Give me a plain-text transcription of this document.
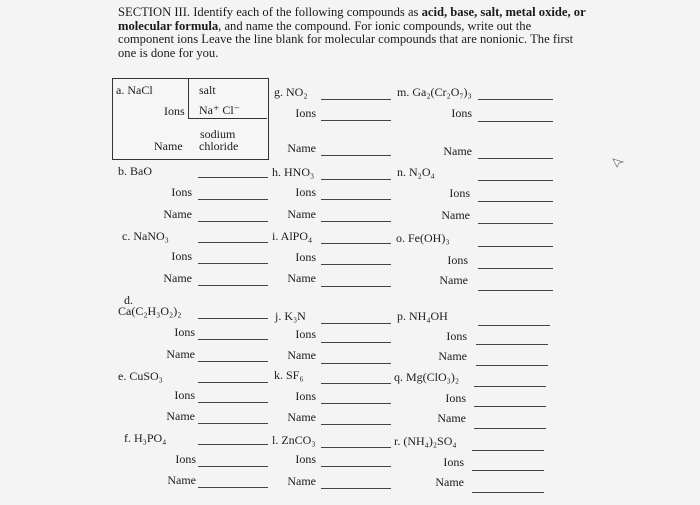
SECTION III. Identify each of the following compounds as acid, base, salt, metal oxide, or molecular formula, and name the compound. For ionic compounds, write out the component ions Leave the line blank for molecular compounds that are nonionic. The first one is done for you.
a. NaCl	salt
Ions Na⁺ Cl⁻
sodium
Name chloride
b. BaO
Ions
Name
c. NaNO₃
Ions
Name
d.
Ca(C₂H₃O₂)₂
Ions
Name
e. CuSO₃
Ions
Name
f. H₃PO₄
Ions
Name
g. NO₂
Ions
Name
h. HNO₃
Ions
Name
i. AlPO₄
Ions
Name
j. K₃N
Ions
Name
k. SF₆
Ions
Name
l. ZnCO₃
Ions
Name
m. Ga₂(Cr₂O₇)₃
Ions
Name
n. N₂O₄
Ions
Name
o. Fe(OH)₃
Ions
Name
p. NH₄OH
Ions
Name
q. Mg(ClO₃)₂
Ions
Name
r. (NH₄)₂SO₄
Ions
Name
